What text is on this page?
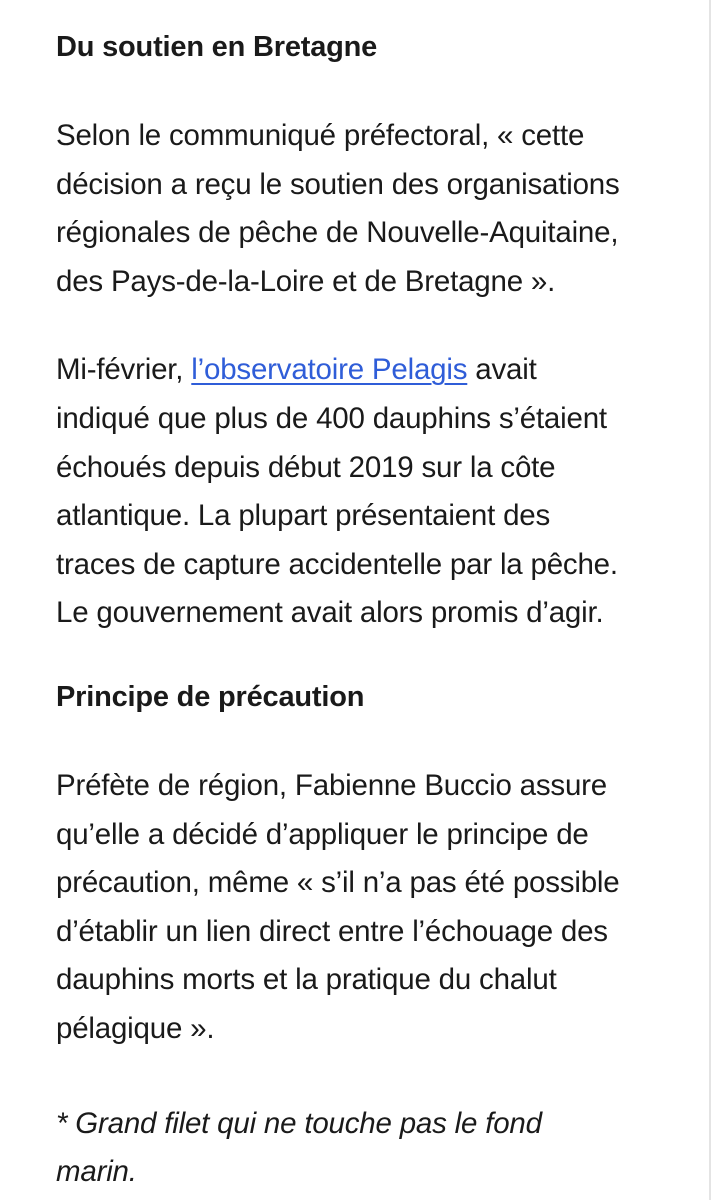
Du soutien en Bretagne

Selon le communiqué préfectoral, « cette
décision a reçu le soutien des organisations
régionales de pêche de Nouvelle-Aquitaine,
des Pays-de-la-Loire et de Bretagne ».

Mi-février, l’observatoire Pelagis avait
indiqué que plus de 400 dauphins s’étaient
échoués depuis début 2019 sur la côte
atlantique. La plupart présentaient des
traces de capture accidentelle par la pêche.
Le gouvernement avait alors promis d’agir.

Principe de précaution

Préfète de région, Fabienne Buccio assure
qu’elle a décidé d’appliquer le principe de
précaution, même « s’il n’a pas été possible
d’établir un lien direct entre l’échouage des
dauphins morts et la pratique du chalut
pélagique ».

* Grand filet qui ne touche pas le fond
marin.
